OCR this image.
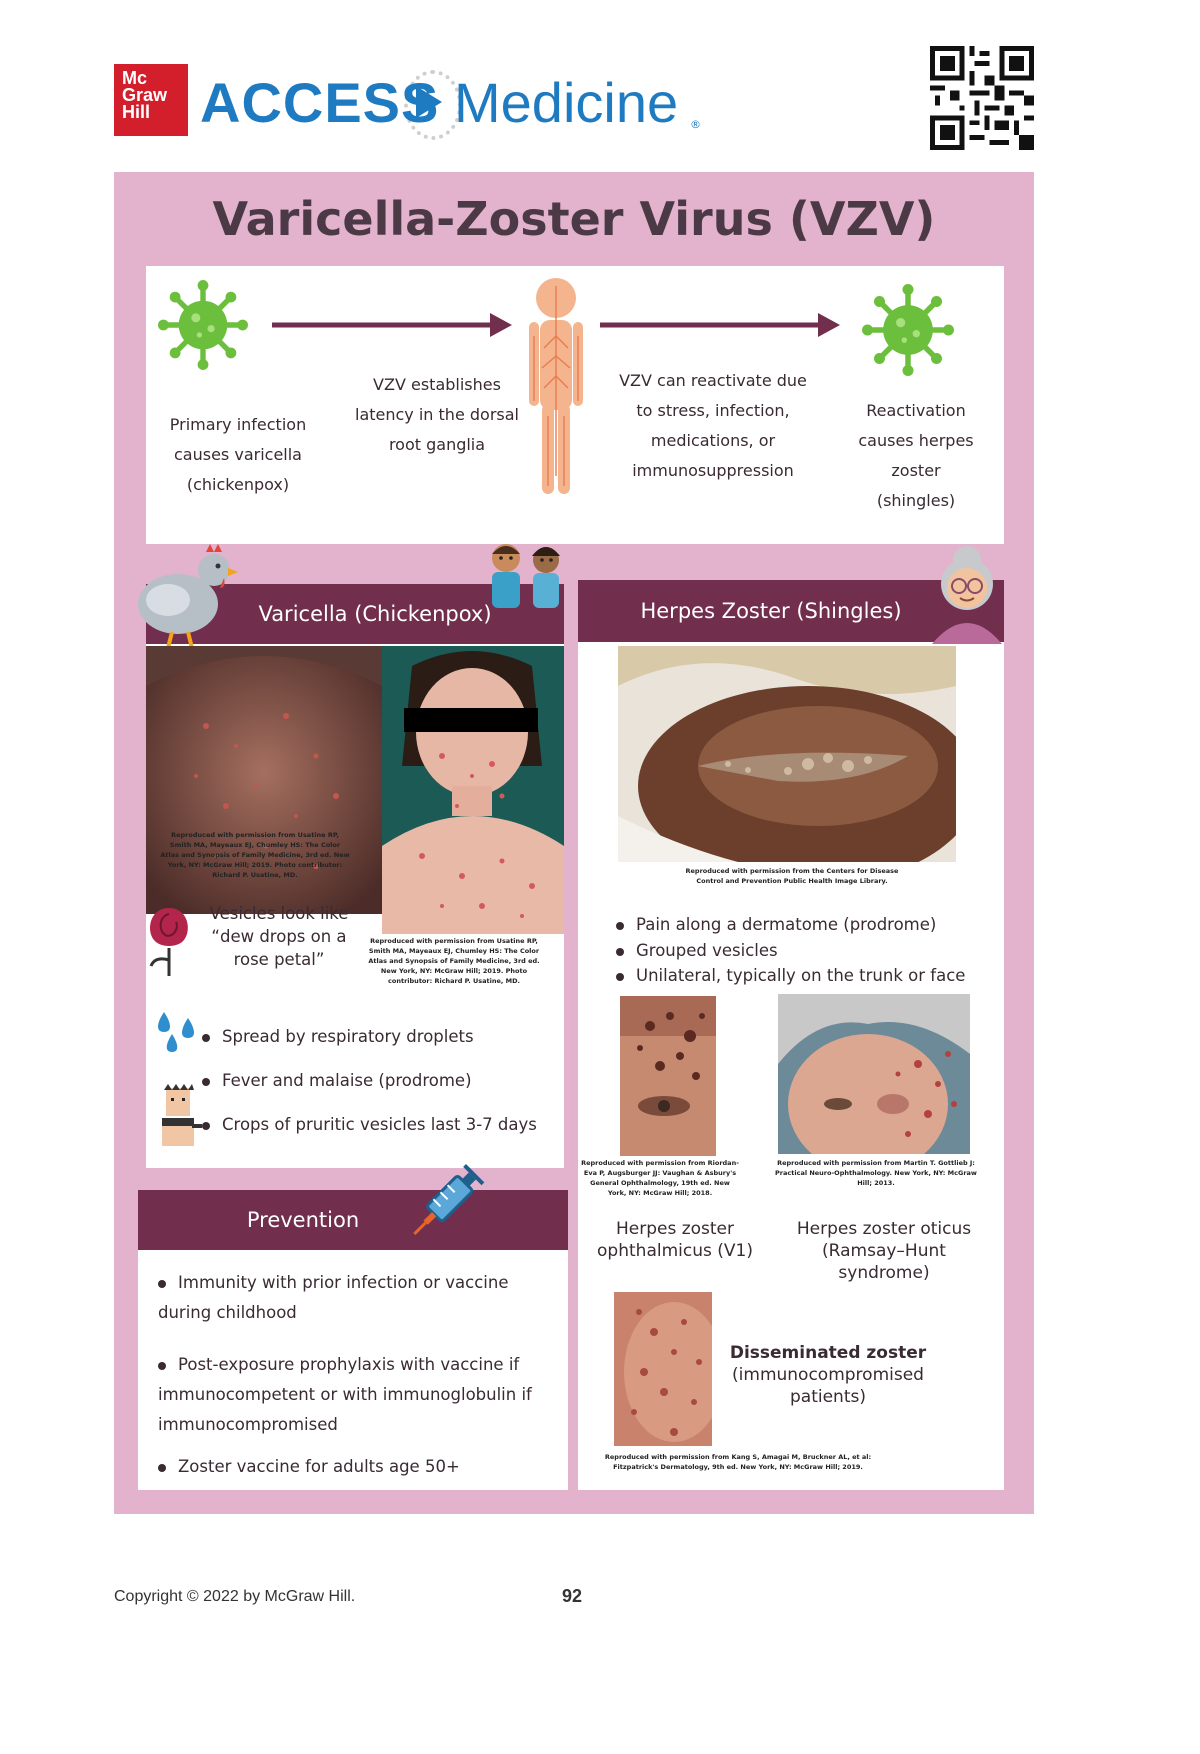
Mc Graw Hill ACCESS Medicine ®
Varicella-Zoster Virus (VZV)
Primary infection causes varicella (chickenpox)
VZV establishes latency in the dorsal root ganglia
VZV can reactivate due to stress, infection, medications, or immunosuppression
Reactivation causes herpes zoster (shingles)
Varicella (Chickenpox)
Reproduced with permission from Usatine RP, Smith MA, Mayeaux EJ, Chumley HS: The Color Atlas and Synopsis of Family Medicine, 3rd ed. New York, NY: McGraw Hill; 2019. Photo contributor: Richard P. Usatine, MD.
Vesicles look like “dew drops on a rose petal”
Reproduced with permission from Usatine RP, Smith MA, Mayeaux EJ, Chumley HS: The Color Atlas and Synopsis of Family Medicine, 3rd ed. New York, NY: McGraw Hill; 2019. Photo contributor: Richard P. Usatine, MD.
Spread by respiratory droplets
Fever and malaise (prodrome)
Crops of pruritic vesicles last 3-7 days
Prevention
Immunity with prior infection or vaccine during childhood
Post-exposure prophylaxis with vaccine if immunocompetent or with immunoglobulin if immunocompromised
Zoster vaccine for adults age 50+
Herpes Zoster (Shingles)
Reproduced with permission from the Centers for Disease Control and Prevention Public Health Image Library.
Pain along a dermatome (prodrome)
Grouped vesicles
Unilateral, typically on the trunk or face
Reproduced with permission from Riordan-Eva P, Augsburger JJ: Vaughan & Asbury's General Ophthalmology, 19th ed. New York, NY: McGraw Hill; 2018.
Reproduced with permission from Martin T. Gottlieb J: Practical Neuro-Ophthalmology. New York, NY: McGraw Hill; 2013.
Herpes zoster ophthalmicus (V1)
Herpes zoster oticus (Ramsay–Hunt syndrome)
Disseminated zoster
(immunocompromised patients)
Reproduced with permission from Kang S, Amagai M, Bruckner AL, et al: Fitzpatrick's Dermatology, 9th ed. New York, NY: McGraw Hill; 2019.
Copyright © 2022 by McGraw Hill.	92
